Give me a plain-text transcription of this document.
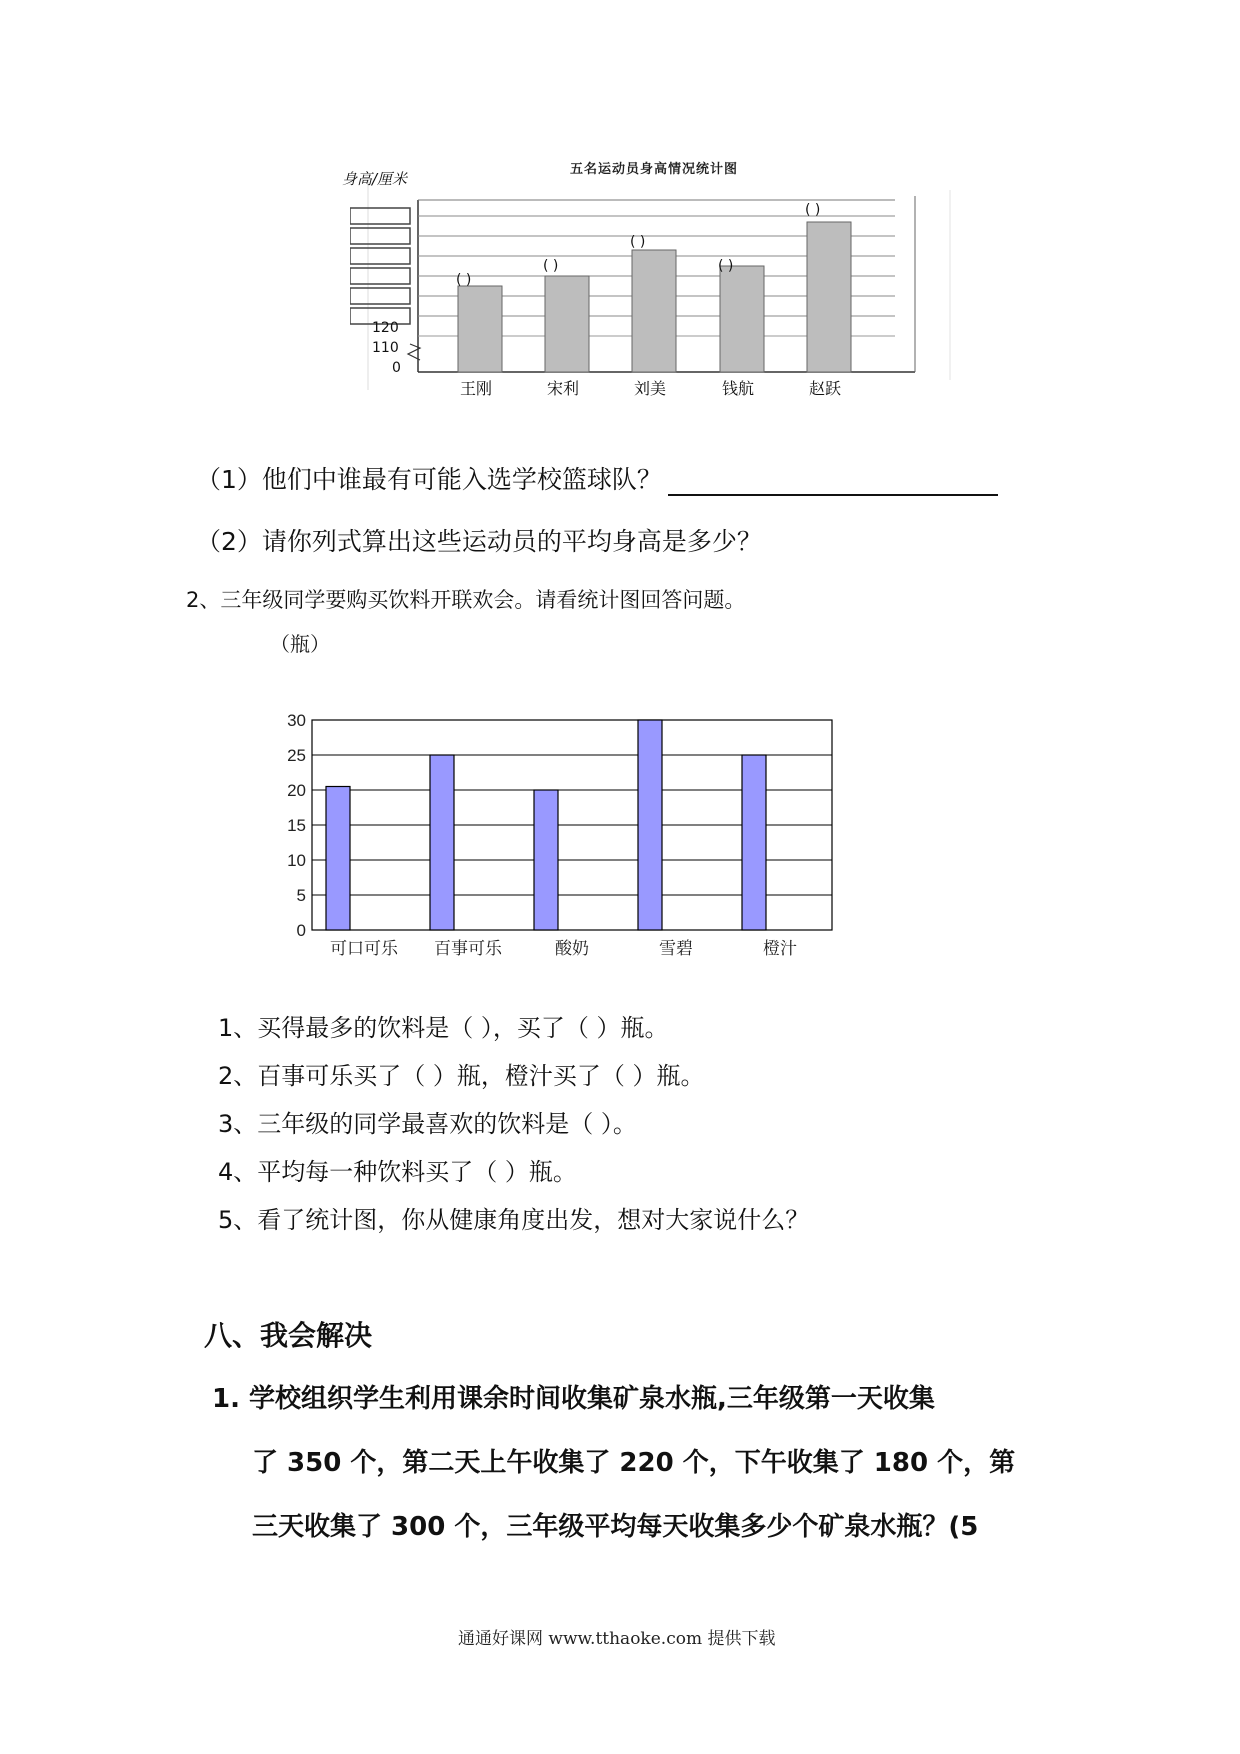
五名运动员身高情况统计图
身高/厘米
120
110
0
( )
( )
( )
( )
( )
王刚	宋利	刘美	钱航	赵跃
（1）他们中谁最有可能入选学校篮球队？
（2）请你列式算出这些运动员的平均身高是多少？
2、三年级同学要购买饮料开联欢会。请看统计图回答问题。
（瓶）
0
5
10
15
20
25
30
可口可乐 百事可乐	酸奶	雪碧	橙汁
1、买得最多的饮料是（ ），买了（ ）瓶。
2、百事可乐买了（ ）瓶，橙汁买了（ ）瓶。
3、三年级的同学最喜欢的饮料是（ ）。
4、平均每一种饮料买了（ ）瓶。
5、看了统计图，你从健康角度出发，想对大家说什么？
八、我会解决
1. 学校组织学生利用课余时间收集矿泉水瓶,三年级第一天收集
了 350 个，第二天上午收集了 220 个，下午收集了 180 个，第
三天收集了 300 个，三年级平均每天收集多少个矿泉水瓶？(5
通通好课网 www.tthaoke.com 提供下载
